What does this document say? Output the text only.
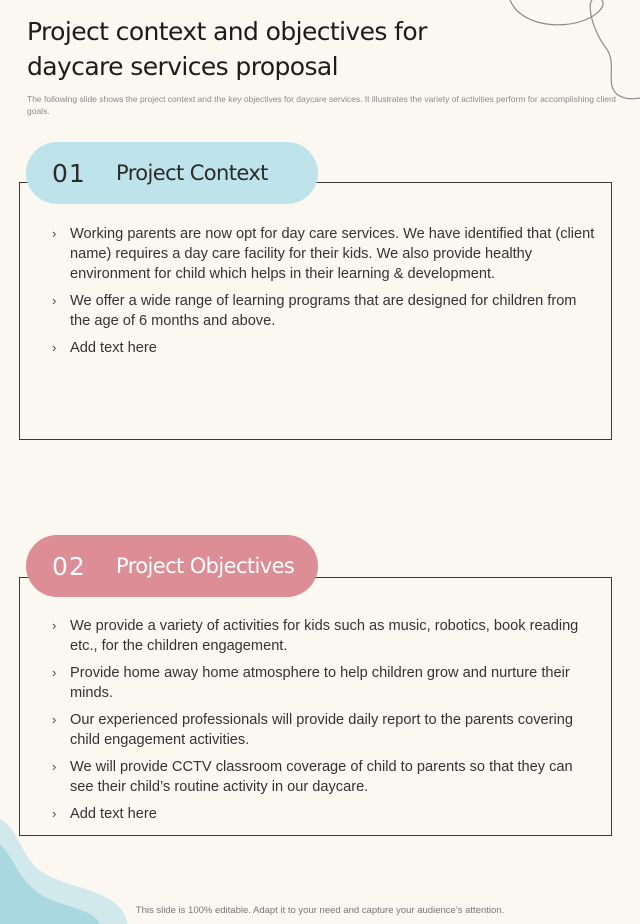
Project context and objectives for daycare services proposal

The following slide shows the project context and the key objectives for daycare services. It illustrates the variety of activities perform for accomplishing client goals.

01	Project Context
› Working parents are now opt for day care services. We have identified that (client name) requires a day care facility for their kids. We also provide healthy environment for child which helps in their learning & development.
› We offer a wide range of learning programs that are designed for children from the age of 6 months and above.
› Add text here
02	Project Objectives
› We provide a variety of activities for kids such as music, robotics, book reading etc., for the children engagement.
› Provide home away home atmosphere to help children grow and nurture their minds.
› Our experienced professionals will provide daily report to the parents covering child engagement activities.
› We will provide CCTV classroom coverage of child to parents so that they can see their child’s routine activity in our daycare.
› Add text here

This slide is 100% editable. Adapt it to your need and capture your audience’s attention.
